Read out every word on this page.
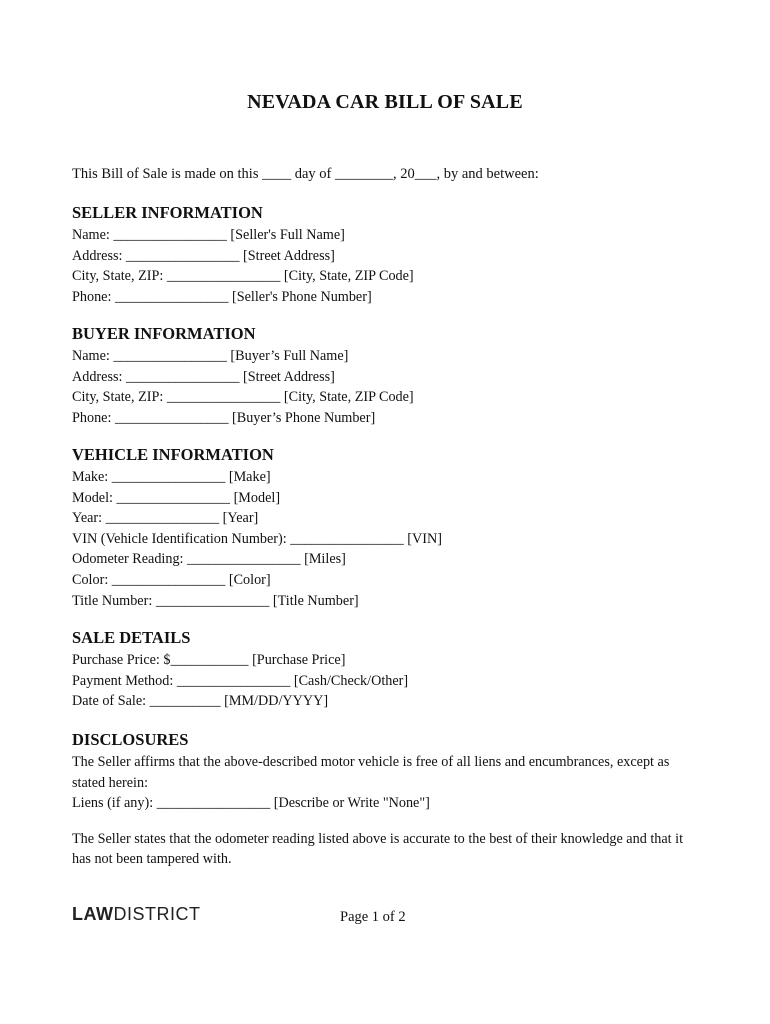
NEVADA CAR BILL OF SALE
This Bill of Sale is made on this ____ day of ________, 20___, by and between:
SELLER INFORMATION
Name: ________________ [Seller's Full Name]
Address: ________________ [Street Address]
City, State, ZIP: ________________ [City, State, ZIP Code]
Phone: ________________ [Seller's Phone Number]
BUYER INFORMATION
Name: ________________ [Buyer’s Full Name]
Address: ________________ [Street Address]
City, State, ZIP: ________________ [City, State, ZIP Code]
Phone: ________________ [Buyer’s Phone Number]
VEHICLE INFORMATION
Make: ________________ [Make]
Model: ________________ [Model]
Year: ________________ [Year]
VIN (Vehicle Identification Number): ________________ [VIN]
Odometer Reading: ________________ [Miles]
Color: ________________ [Color]
Title Number: ________________ [Title Number]
SALE DETAILS
Purchase Price: $___________ [Purchase Price]
Payment Method: ________________ [Cash/Check/Other]
Date of Sale: __________ [MM/DD/YYYY]
DISCLOSURES
The Seller affirms that the above-described motor vehicle is free of all liens and encumbrances, except as stated herein:
Liens (if any): ________________ [Describe or Write "None"]
The Seller states that the odometer reading listed above is accurate to the best of their knowledge and that it has not been tampered with.
LAWDISTRICT	Page 1 of 2
